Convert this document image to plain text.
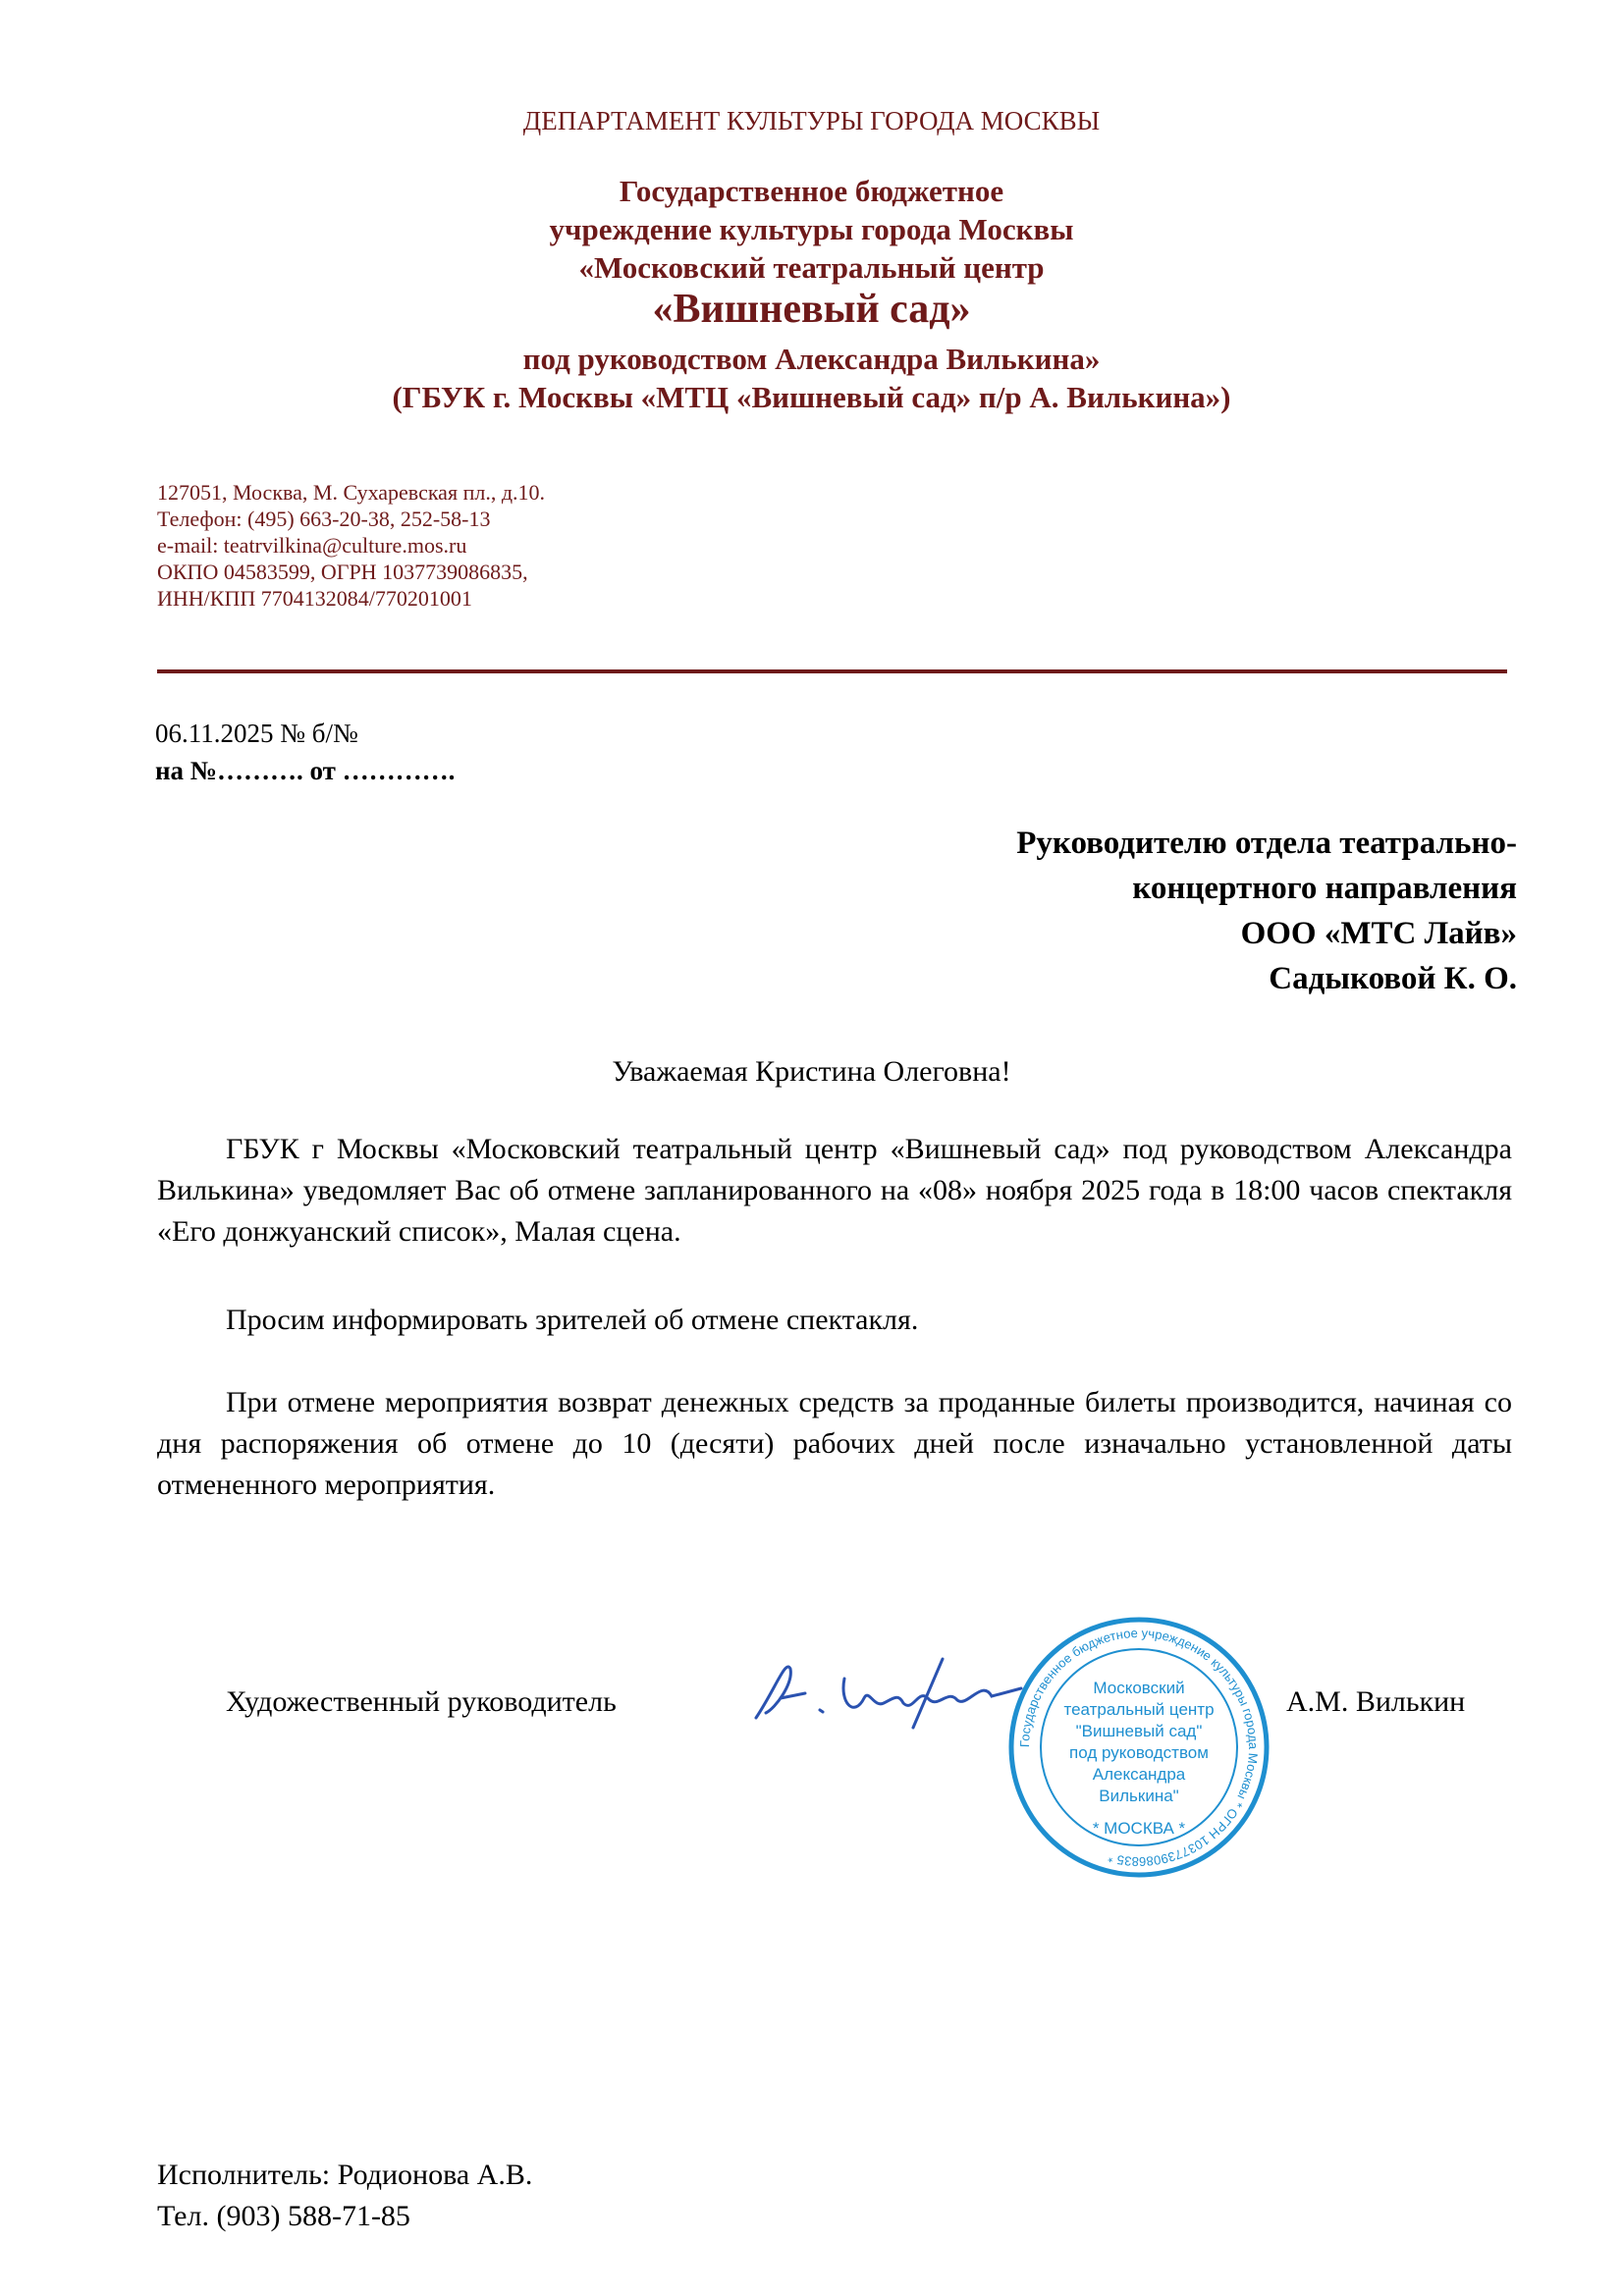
ДЕПАРТАМЕНТ КУЛЬТУРЫ ГОРОДА МОСКВЫ
Государственное бюджетное
учреждение культуры города Москвы
«Московский театральный центр
«Вишневый сад»
под руководством Александра Вилькина»
(ГБУК г. Москвы «МТЦ «Вишневый сад» п/р А. Вилькина»)
127051, Москва, М. Сухаревская пл., д.10.
Телефон: (495) 663-20-38, 252-58-13
e-mail: teatrvilkina@culture.mos.ru
ОКПО 04583599, ОГРН 1037739086835,
ИНН/КПП 7704132084/770201001
06.11.2025 № б/№
на №………. от ………….
Руководителю отдела театрально-
концертного направления
ООО «МТС Лайв»
Садыковой К. О.
Уважаемая Кристина Олеговна!
ГБУК г Москвы «Московский театральный центр «Вишневый сад» под руководством Александра Вилькина» уведомляет Вас об отмене запланированного на «08» ноября 2025 года в 18:00 часов спектакля «Его донжуанский список», Малая сцена.
Просим информировать зрителей об отмене спектакля.
При отмене мероприятия возврат денежных средств за проданные билеты производится, начиная со дня распоряжения об отмене до 10 (десяти) рабочих дней после изначально установленной даты отмененного мероприятия.
Художественный руководитель
Государственное бюджетное учреждение культуры города Москвы * ОГРН 1037739086835 *
Московский
театральный центр
"Вишневый сад"
под руководством
Александра
Вилькина"
* МОСКВА *
А.М. Вилькин
Исполнитель: Родионова А.В.
Тел. (903) 588-71-85
